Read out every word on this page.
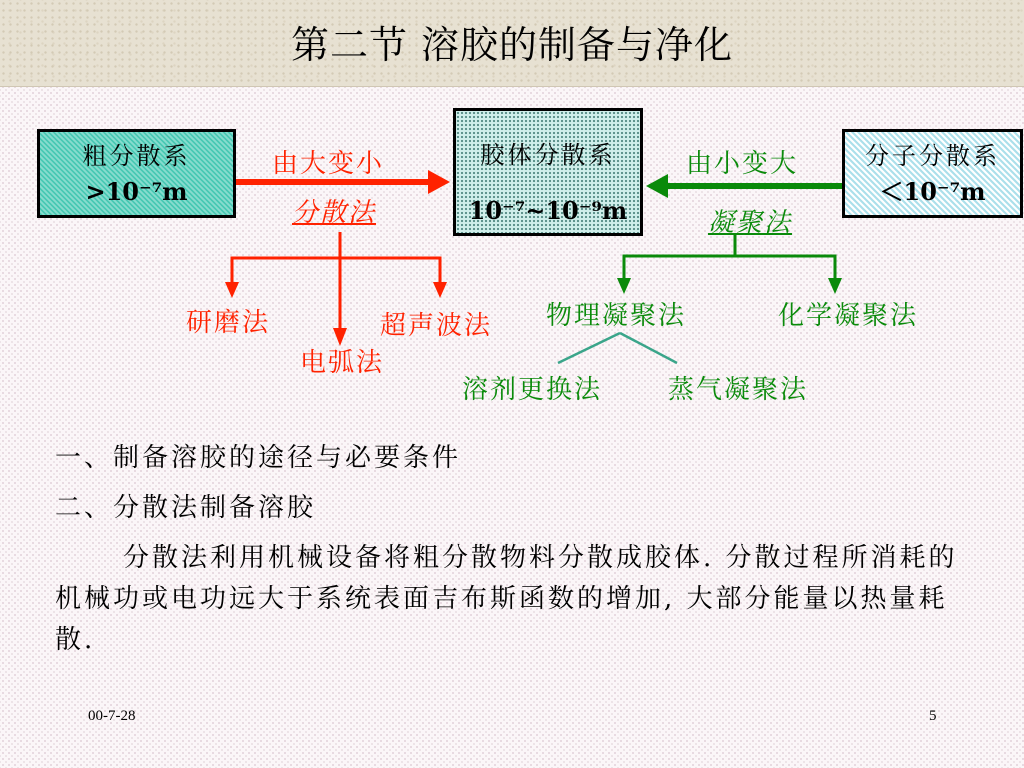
第二节 溶胶的制备与净化
粗分散系
>10⁻⁷m
胶体分散系
10⁻⁷~10⁻⁹m
分子分散系
＜10⁻⁷m
由大变小
分散法
研磨法
电弧法
超声波法
由小变大
凝聚法
物理凝聚法	化学凝聚法
溶剂更换法	蒸气凝聚法
一、制备溶胶的途径与必要条件
二、分散法制备溶胶
分散法利用机械设备将粗分散物料分散成胶体. 分散过程所消耗的机械功或电功远大于系统表面吉布斯函数的增加, 大部分能量以热量耗散.
00-7-28	5
